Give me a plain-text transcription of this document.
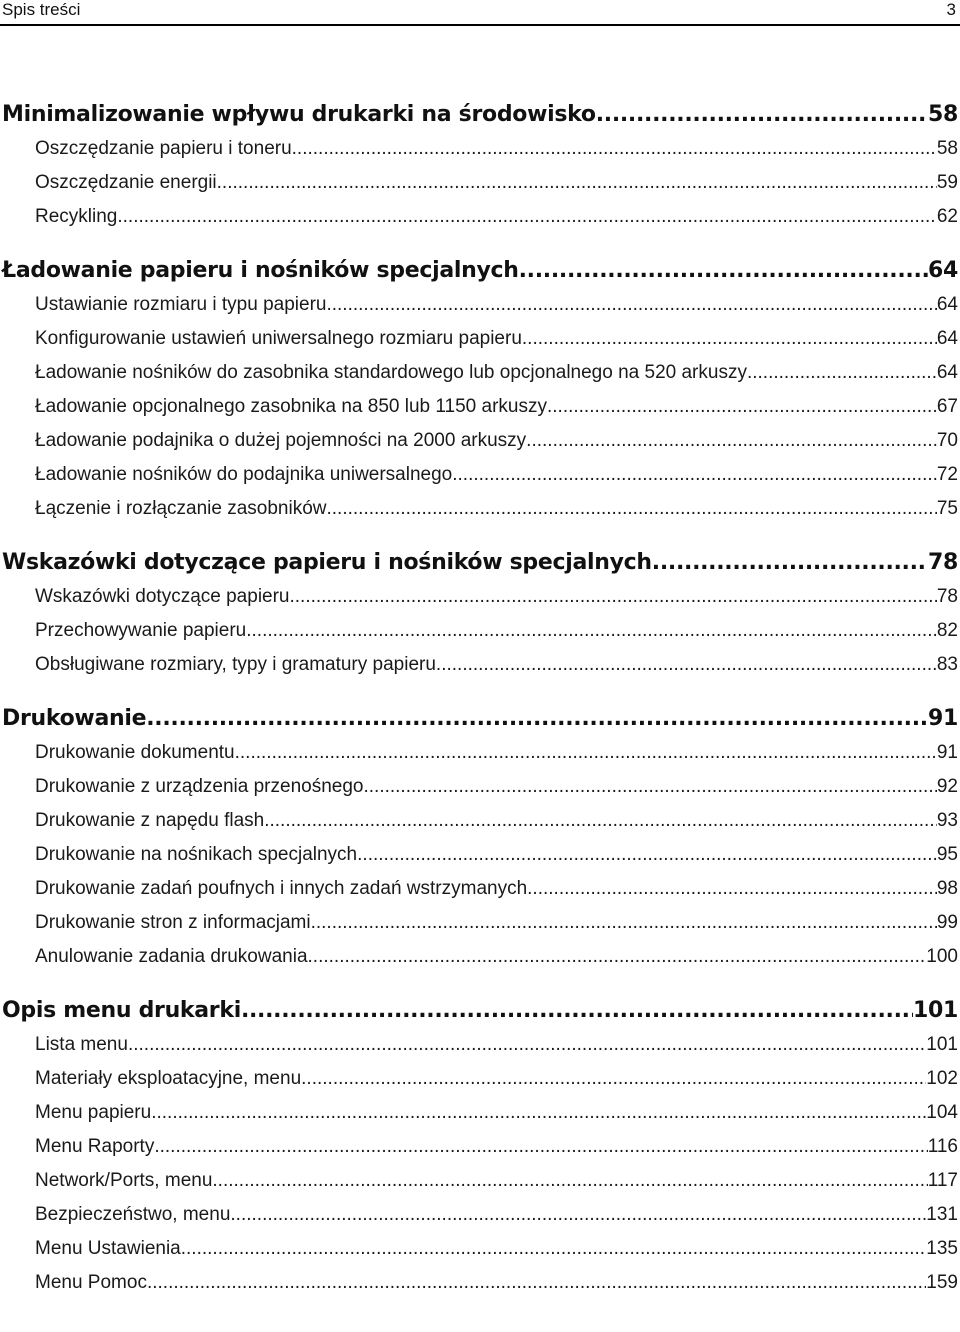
Spis treści	3
Minimalizowanie wpływu drukarki na środowisko .....	58
Oszczędzanie papieru i toneru .....	58
Oszczędzanie energii .....	59
Recykling .....	62
Ładowanie papieru i nośników specjalnych .....	64
Ustawianie rozmiaru i typu papieru .....	64
Konfigurowanie ustawień uniwersalnego rozmiaru papieru .....	64
Ładowanie nośników do zasobnika standardowego lub opcjonalnego na 520 arkuszy .....	64
Ładowanie opcjonalnego zasobnika na 850 lub 1150 arkuszy .....	67
Ładowanie podajnika o dużej pojemności na 2000 arkuszy .....	70
Ładowanie nośników do podajnika uniwersalnego .....	72
Łączenie i rozłączanie zasobników .....	75
Wskazówki dotyczące papieru i nośników specjalnych .....	78
Wskazówki dotyczące papieru .....	78
Przechowywanie papieru .....	82
Obsługiwane rozmiary, typy i gramatury papieru .....	83
Drukowanie .....	91
Drukowanie dokumentu .....	91
Drukowanie z urządzenia przenośnego .....	92
Drukowanie z napędu flash .....	93
Drukowanie na nośnikach specjalnych .....	95
Drukowanie zadań poufnych i innych zadań wstrzymanych .....	98
Drukowanie stron z informacjami .....	99
Anulowanie zadania drukowania .....	100
Opis menu drukarki .....	101
Lista menu .....	101
Materiały eksploatacyjne, menu .....	102
Menu papieru .....	104
Menu Raporty .....	116
Network/Ports, menu .....	117
Bezpieczeństwo, menu .....	131
Menu Ustawienia .....	135
Menu Pomoc .....	159
